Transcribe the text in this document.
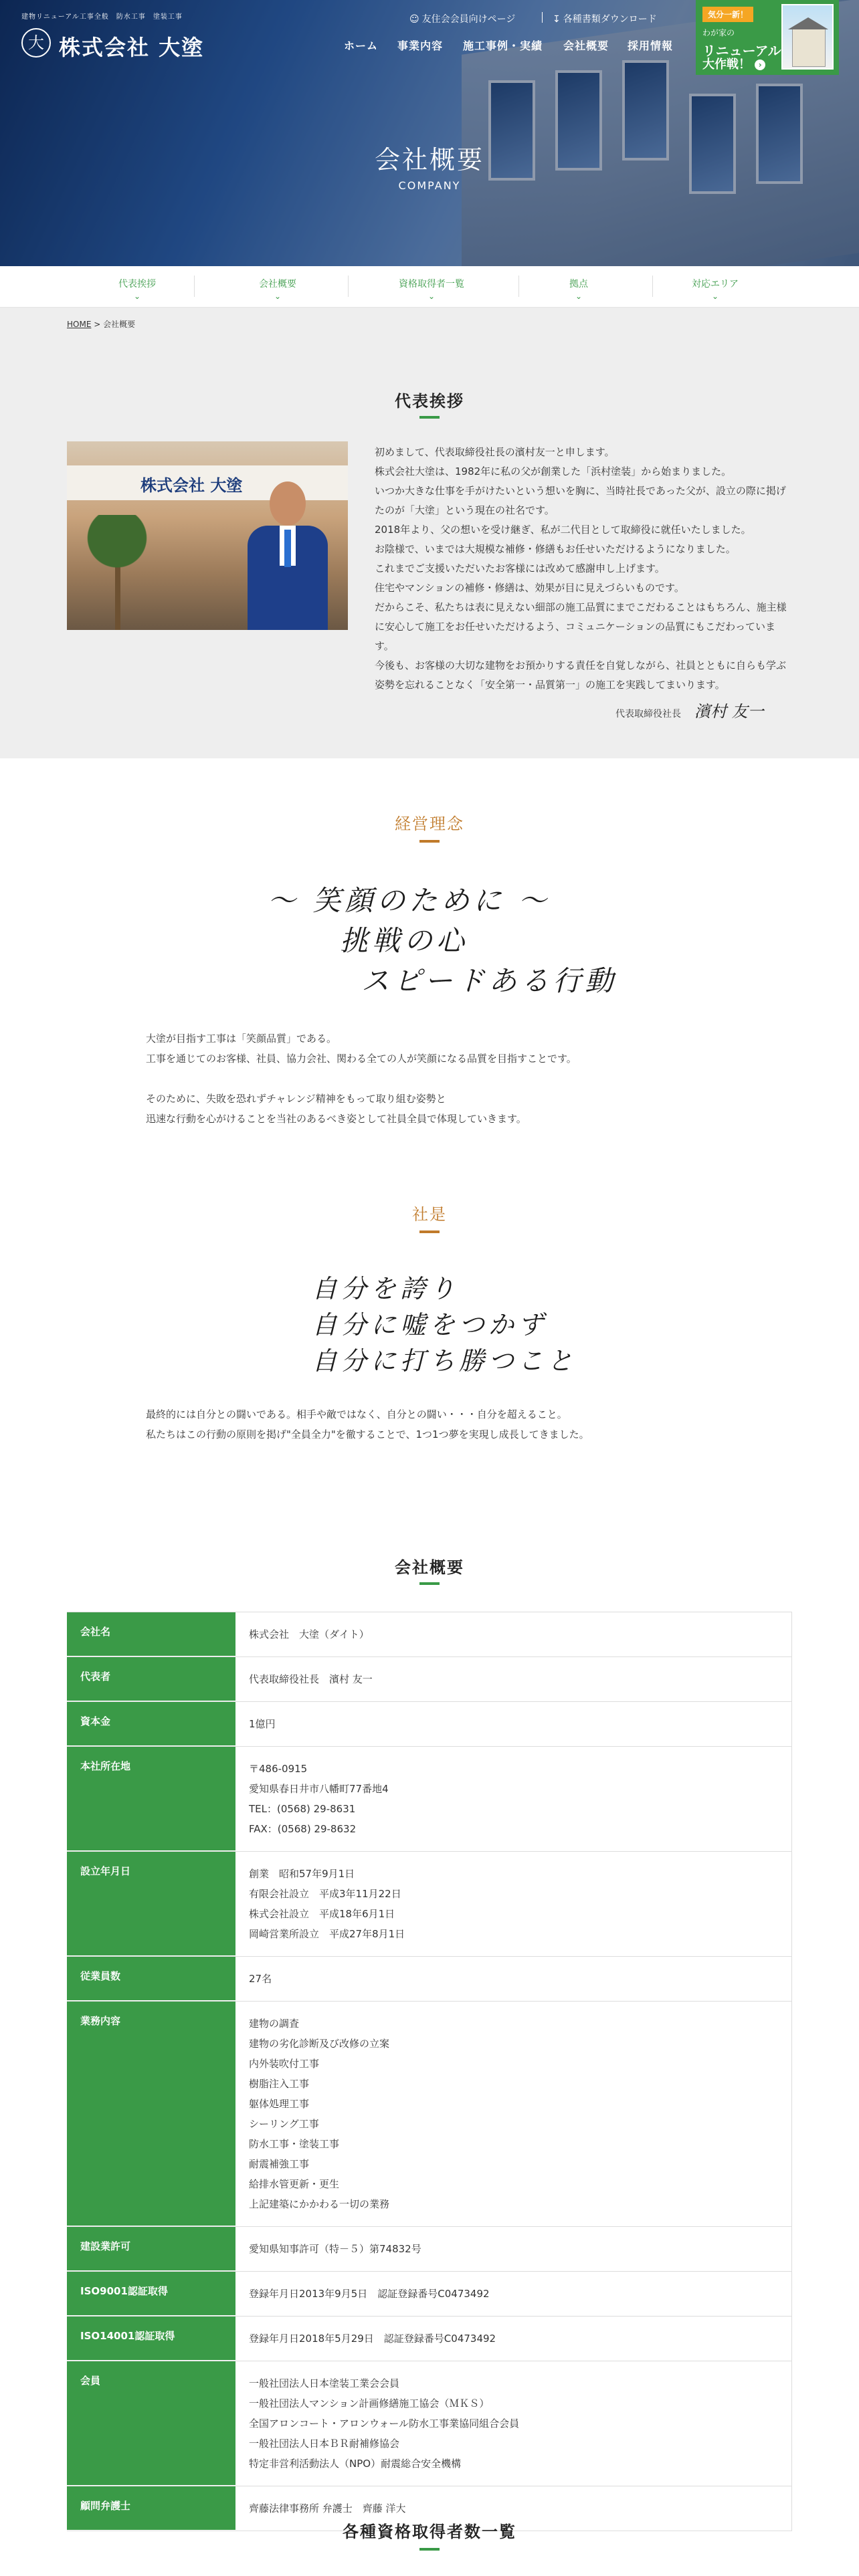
建物リニューアル工事全般　防水工事　塗装工事
大 株式会社 大塗
☺ 友住会会員向けページ	↧ 各種書類ダウンロード
ホーム 事業内容 施工事例・実績 会社概要 採用情報
気分一新！
わが家の
リニューアル
大作戦！ ›
会社概要
COMPANY
代表挨拶
⌄
会社概要
⌄
資格取得者一覧
⌄
拠点
⌄
対応エリア
⌄
HOME > 会社概要
代表挨拶
株式会社 大塗

初めまして、代表取締役社長の濱村友一と申します。

株式会社大塗は、1982年に私の父が創業した「浜村塗装」から始まりました。

いつか大きな仕事を手がけたいという想いを胸に、当時社長であった父が、設立の際に掲げたのが「大塗」という現在の社名です。

2018年より、父の想いを受け継ぎ、私が二代目として取締役に就任いたしました。

お陰様で、いまでは大規模な補修・修繕もお任せいただけるようになりました。

これまでご支援いただいたお客様には改めて感謝申し上げます。

住宅やマンションの補修・修繕は、効果が目に見えづらいものです。

だからこそ、私たちは表に見えない細部の施工品質にまでこだわることはもちろん、施主様に安心して施工をお任せいただけるよう、コミュニケーションの品質にもこだわっています。

今後も、お客様の大切な建物をお預かりする責任を自覚しながら、社員とともに自らも学ぶ姿勢を忘れることなく「安全第一・品質第一」の施工を実践してまいります。

代表取締役社長 濱村 友一
経営理念
〜 笑顔のために 〜
挑戦の心
スピードある行動

大塗が目指す工事は「笑顔品質」である。

工事を通じてのお客様、社員、協力会社、関わる全ての人が笑顔になる品質を目指すことです。

そのために、失敗を恐れずチャレンジ精神をもって取り組む姿勢と

迅速な行動を心がけることを当社のあるべき姿として社員全員で体現していきます。

社是
自分を誇り
自分に嘘をつかず
自分に打ち勝つこと

最終的には自分との闘いである。相手や敵ではなく、自分との闘い・・・自分を超えること。

私たちはこの行動の原則を掲げ"全員全力"を徹することで、1つ1つ夢を実現し成長してきました。

会社概要
会社名	株式会社　大塗（ダイト）
代表者	代表取締役社長　濱村 友一
資本金	1億円
本社所在地	〒486-0915
愛知県春日井市八幡町77番地4
TEL：(0568) 29-8631
FAX：(0568) 29-8632
設立年月日	創業　昭和57年9月1日
有限会社設立　平成3年11月22日
株式会社設立　平成18年6月1日
岡崎営業所設立　平成27年8月1日
従業員数	27名
業務内容	建物の調査
建物の劣化診断及び改修の立案
内外装吹付工事
樹脂注入工事
躯体処理工事
シーリング工事
防水工事・塗装工事
耐震補強工事
給排水管更新・更生
上記建築にかかわる一切の業務
建設業許可	愛知県知事許可（特－５）第74832号
ISO9001認証取得	登録年月日2013年9月5日　認証登録番号C0473492
ISO14001認証取得	登録年月日2018年5月29日　認証登録番号C0473492
会員	一般社団法人日本塗装工業会会員
一般社団法人マンション計画修繕施工協会（ＭＫＳ）
全国アロンコート・アロンウォール防水工事業協同組合会員
一般社団法人日本ＢＲ耐補修協会
特定非営利活動法人（NPO）耐震総合安全機構
顧問弁護士	齊藤法律事務所 弁護士　齊藤 洋大
各種資格取得者数一覧
